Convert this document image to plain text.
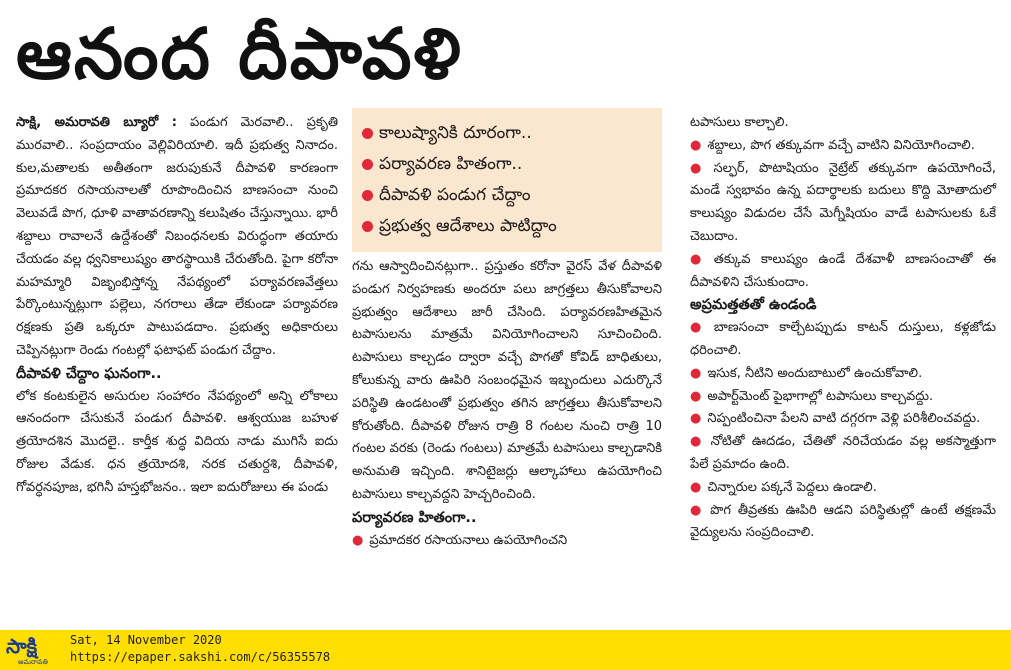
ఆనంద దీపావళి

సాక్షి, అమరావతి బ్యూరో : పండుగ మెరవాలి.. ప్రకృతి మురవాలి.. సంప్రదాయం వెల్లివిరియాలి. ఇదీ ప్రభుత్వ నినాదం. కుల,మతాలకు అతీతంగా జరుపుకునే దీపావళి కారణంగా ప్రమాదకర రసాయనాలతో రూపొందించిన బాణసంచా నుంచి వెలువడే పొగ, ధూళి వాతావరణాన్ని కలుషితం చేస్తున్నాయి. భారీ శబ్దాలు రావాలనే ఉద్దేశంతో నిబంధనలకు విరుద్ధంగా తయారు చేయడం వల్ల ధ్వనికాలుష్యం తారస్థాయికి చేరుతోంది. పైగా కరోనా మహమ్మారి విజృంభిస్తోన్న నేపథ్యంలో పర్యావరణవేత్తలు పేర్కొంటున్నట్లుగా పల్లెలు, నగరాలు తేడా లేకుండా పర్యావరణ రక్షణకు ప్రతి ఒక్కరూ పాటుపడదాం. ప్రభుత్వ అధికారులు చెప్పినట్లుగా రెండు గంటల్లో ఫటాఫట్ పండుగ చేద్దాం.

దీపావళి చేద్దాం ఘనంగా..

లోక కంటకులైన అసురుల సంహారం నేపథ్యంలో అన్ని లోకాలు ఆనందంగా చేసుకునే పండుగ దీపావళి. ఆశ్వయుజ బహుళ త్రయోదశిన మొదలై.. కార్తీక శుద్ధ విదియ నాడు ముగిసే ఐదు రోజుల వేడుక. ధన త్రయోదశి, నరక చతుర్దశి, దీపావళి, గోవర్ధనపూజ, భగినీ హస్తభోజనం.. ఇలా ఐదురోజులు ఈ పండు

కాలుష్యానికి దూరంగా..
పర్యావరణ హితంగా..
దీపావళి పండుగ చేద్దాం
ప్రభుత్వ ఆదేశాలు పాటిద్దాం

గను ఆస్వాదించినట్లుగా.. ప్రస్తుతం కరోనా వైరస్ వేళ దీపావళి పండుగ నిర్వహణకు అందరూ పలు జాగ్రత్తలు తీసుకోవాలని ప్రభుత్వం ఆదేశాలు జారీ చేసింది. పర్యావరణహితమైన టపాసులను మాత్రమే వినియోగించాలని సూచించింది. టపాసులు కాల్చడం ద్వారా వచ్చే పొగతో కోవిడ్ బాధితులు, కోలుకున్న వారు ఊపిరి సంబంధమైన ఇబ్బందులు ఎదుర్కొనే పరిస్థితి ఉండటంతో ప్రభుత్వం తగిన జాగ్రత్తలు తీసుకోవాలని కోరుతోంది. దీపావళి రోజున రాత్రి 8 గంటల నుంచి రాత్రి 10 గంటల వరకు (రెండు గంటలు) మాత్రమే టపాసులు కాల్చడానికి అనుమతి ఇచ్చింది. శానిటైజర్లు ఆల్కాహాలు ఉపయోగించి టపాసులు కాల్చవద్దని హెచ్చరించింది.

పర్యావరణ హితంగా..

● ప్రమాదకర రసాయనాలు ఉపయోగించని

టపాసులు కాల్చాలి.

● శబ్దాలు, పొగ తక్కువగా వచ్చే వాటిని వినియోగించాలి.

● సల్ఫర్, పొటాషియం నైట్రేట్ తక్కువగా ఉపయోగించే, మండే స్వభావం ఉన్న పదార్థాలకు బదులు కొద్ది మోతాదులో కాలుష్యం విడుదల చేసే మెగ్నీషియం వాడే టపాసులకు ఓకే చెబుదాం.

● తక్కువ కాలుష్యం ఉండే దేశవాళీ బాణసంచాతో ఈ దీపావళిని చేసుకుందాం.

అప్రమత్తతతో ఉండండి

● బాణసంచా కాల్చేటప్పుడు కాటన్ దుస్తులు, కళ్లజోడు ధరించాలి.

● ఇసుక, నీటిని అందుబాటులో ఉంచుకోవాలి.

● అపార్ట్‌మెంట్ పైభాగాల్లో టపాసులు కాల్చవద్దు.

● నిప్పంటించినా పేలని వాటి దగ్గరగా వెళ్లి పరిశీలించవద్దు.

● నోటితో ఊదడం, చేతితో నరిచేయడం వల్ల అకస్మాత్తుగా పేలే ప్రమాదం ఉంది.

● చిన్నారుల పక్కనే పెద్దలు ఉండాలి.

● పొగ తీవ్రతకు ఊపిరి ఆడని పరిస్థితుల్లో ఉంటే తక్షణమే వైద్యులను సంప్రదించాలి.

సాక్షి
అమరావతి
Sat, 14 November 2020
https://epaper.sakshi.com/c/56355578
